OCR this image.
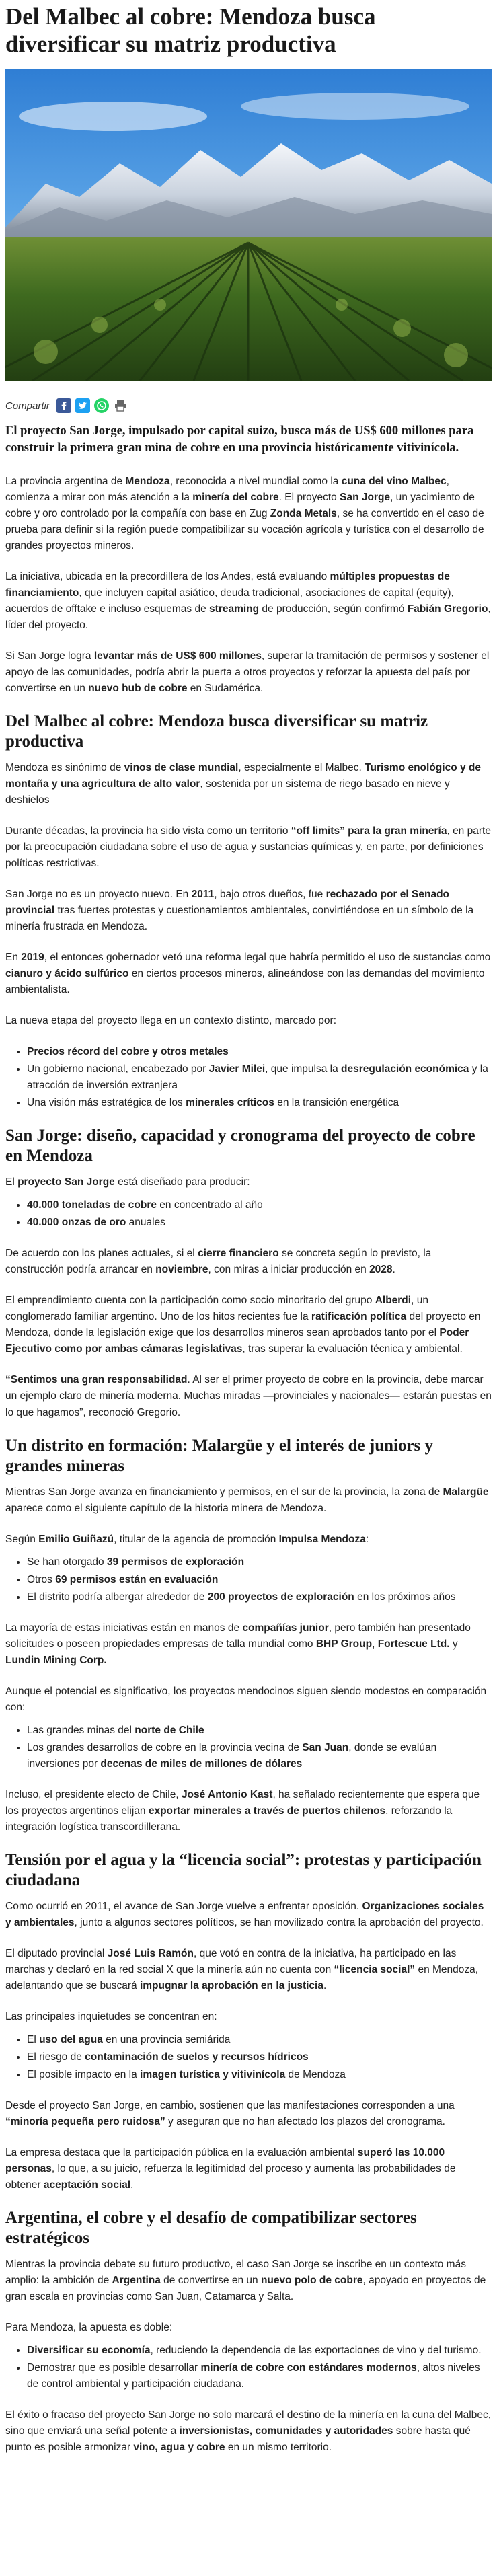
Del Malbec al cobre: Mendoza busca diversificar su matriz productiva
Compartir
El proyecto San Jorge, impulsado por capital suizo, busca más de US$ 600 millones para construir la primera gran mina de cobre en una provincia históricamente vitivinícola.

La provincia argentina de Mendoza, reconocida a nivel mundial como la cuna del vino Malbec, comienza a mirar con más atención a la minería del cobre. El proyecto San Jorge, un yacimiento de cobre y oro controlado por la compañía con base en Zug Zonda Metals, se ha convertido en el caso de prueba para definir si la región puede compatibilizar su vocación agrícola y turística con el desarrollo de grandes proyectos mineros.

La iniciativa, ubicada en la precordillera de los Andes, está evaluando múltiples propuestas de financiamiento, que incluyen capital asiático, deuda tradicional, asociaciones de capital (equity), acuerdos de offtake e incluso esquemas de streaming de producción, según confirmó Fabián Gregorio, líder del proyecto.

Si San Jorge logra levantar más de US$ 600 millones, superar la tramitación de permisos y sostener el apoyo de las comunidades, podría abrir la puerta a otros proyectos y reforzar la apuesta del país por convertirse en un nuevo hub de cobre en Sudamérica.

Del Malbec al cobre: Mendoza busca diversificar su matriz productiva

Mendoza es sinónimo de vinos de clase mundial, especialmente el Malbec. Turismo enológico y de montaña y una agricultura de alto valor, sostenida por un sistema de riego basado en nieve y deshielos

Durante décadas, la provincia ha sido vista como un territorio “off limits” para la gran minería, en parte por la preocupación ciudadana sobre el uso de agua y sustancias químicas y, en parte, por definiciones políticas restrictivas.

San Jorge no es un proyecto nuevo. En 2011, bajo otros dueños, fue rechazado por el Senado provincial tras fuertes protestas y cuestionamientos ambientales, convirtiéndose en un símbolo de la minería frustrada en Mendoza.

En 2019, el entonces gobernador vetó una reforma legal que habría permitido el uso de sustancias como cianuro y ácido sulfúrico en ciertos procesos mineros, alineándose con las demandas del movimiento ambientalista.

La nueva etapa del proyecto llega en un contexto distinto, marcado por:

• Precios récord del cobre y otros metales
• Un gobierno nacional, encabezado por Javier Milei, que impulsa la desregulación económica y la atracción de inversión extranjera
• Una visión más estratégica de los minerales críticos en la transición energética
San Jorge: diseño, capacidad y cronograma del proyecto de cobre en Mendoza

El proyecto San Jorge está diseñado para producir:

• 40.000 toneladas de cobre en concentrado al año
• 40.000 onzas de oro anuales

De acuerdo con los planes actuales, si el cierre financiero se concreta según lo previsto, la construcción podría arrancar en noviembre, con miras a iniciar producción en 2028.

El emprendimiento cuenta con la participación como socio minoritario del grupo Alberdi, un conglomerado familiar argentino. Uno de los hitos recientes fue la ratificación política del proyecto en Mendoza, donde la legislación exige que los desarrollos mineros sean aprobados tanto por el Poder Ejecutivo como por ambas cámaras legislativas, tras superar la evaluación técnica y ambiental.

“Sentimos una gran responsabilidad. Al ser el primer proyecto de cobre en la provincia, debe marcar un ejemplo claro de minería moderna. Muchas miradas —provinciales y nacionales— estarán puestas en lo que hagamos”, reconoció Gregorio.

Un distrito en formación: Malargüe y el interés de juniors y grandes mineras

Mientras San Jorge avanza en financiamiento y permisos, en el sur de la provincia, la zona de Malargüe aparece como el siguiente capítulo de la historia minera de Mendoza.

Según Emilio Guiñazú, titular de la agencia de promoción Impulsa Mendoza:

• Se han otorgado 39 permisos de exploración
• Otros 69 permisos están en evaluación
• El distrito podría albergar alrededor de 200 proyectos de exploración en los próximos años

La mayoría de estas iniciativas están en manos de compañías junior, pero también han presentado solicitudes o poseen propiedades empresas de talla mundial como BHP Group, Fortescue Ltd. y Lundin Mining Corp.

Aunque el potencial es significativo, los proyectos mendocinos siguen siendo modestos en comparación con:

• Las grandes minas del norte de Chile
• Los grandes desarrollos de cobre en la provincia vecina de San Juan, donde se evalúan inversiones por decenas de miles de millones de dólares

Incluso, el presidente electo de Chile, José Antonio Kast, ha señalado recientemente que espera que los proyectos argentinos elijan exportar minerales a través de puertos chilenos, reforzando la integración logística transcordillerana.

Tensión por el agua y la “licencia social”: protestas y participación ciudadana

Como ocurrió en 2011, el avance de San Jorge vuelve a enfrentar oposición. Organizaciones sociales y ambientales, junto a algunos sectores políticos, se han movilizado contra la aprobación del proyecto.

El diputado provincial José Luis Ramón, que votó en contra de la iniciativa, ha participado en las marchas y declaró en la red social X que la minería aún no cuenta con “licencia social” en Mendoza, adelantando que se buscará impugnar la aprobación en la justicia.

Las principales inquietudes se concentran en:

• El uso del agua en una provincia semiárida
• El riesgo de contaminación de suelos y recursos hídricos
• El posible impacto en la imagen turística y vitivinícola de Mendoza

Desde el proyecto San Jorge, en cambio, sostienen que las manifestaciones corresponden a una “minoría pequeña pero ruidosa” y aseguran que no han afectado los plazos del cronograma.

La empresa destaca que la participación pública en la evaluación ambiental superó las 10.000 personas, lo que, a su juicio, refuerza la legitimidad del proceso y aumenta las probabilidades de obtener aceptación social.

Argentina, el cobre y el desafío de compatibilizar sectores estratégicos

Mientras la provincia debate su futuro productivo, el caso San Jorge se inscribe en un contexto más amplio: la ambición de Argentina de convertirse en un nuevo polo de cobre, apoyado en proyectos de gran escala en provincias como San Juan, Catamarca y Salta.

Para Mendoza, la apuesta es doble:

• Diversificar su economía, reduciendo la dependencia de las exportaciones de vino y del turismo.
• Demostrar que es posible desarrollar minería de cobre con estándares modernos, altos niveles de control ambiental y participación ciudadana.

El éxito o fracaso del proyecto San Jorge no solo marcará el destino de la minería en la cuna del Malbec, sino que enviará una señal potente a inversionistas, comunidades y autoridades sobre hasta qué punto es posible armonizar vino, agua y cobre en un mismo territorio.
